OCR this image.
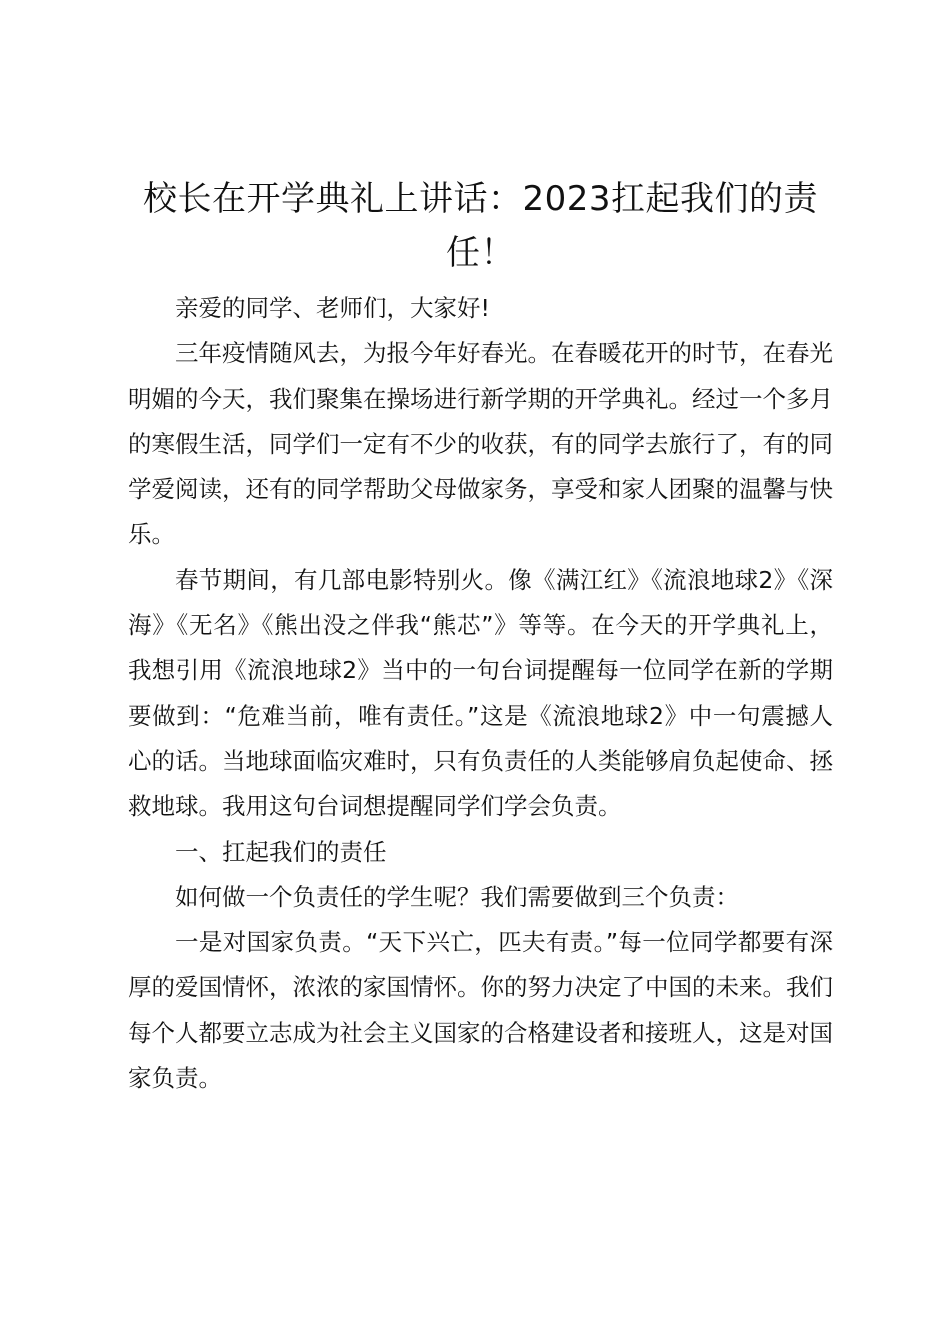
校长在开学典礼上讲话：2023扛起我们的责任！

亲爱的同学、老师们，大家好!

三年疫情随风去，为报今年好春光。在春暖花开的时节，在春光明媚的今天，我们聚集在操场进行新学期的开学典礼。经过一个多月的寒假生活，同学们一定有不少的收获，有的同学去旅行了，有的同学爱阅读，还有的同学帮助父母做家务，享受和家人团聚的温馨与快乐。

春节期间，有几部电影特别火。像《满江红》《流浪地球2》《深海》《无名》《熊出没之伴我“熊芯”》等等。在今天的开学典礼上，我想引用《流浪地球2》当中的一句台词提醒每一位同学在新的学期要做到：“危难当前，唯有责任。”这是《流浪地球2》中一句震撼人心的话。当地球面临灾难时，只有负责任的人类能够肩负起使命、拯救地球。我用这句台词想提醒同学们学会负责。

一、扛起我们的责任

如何做一个负责任的学生呢？我们需要做到三个负责：

一是对国家负责。“天下兴亡，匹夫有责。”每一位同学都要有深厚的爱国情怀，浓浓的家国情怀。你的努力决定了中国的未来。我们每个人都要立志成为社会主义国家的合格建设者和接班人，这是对国家负责。
